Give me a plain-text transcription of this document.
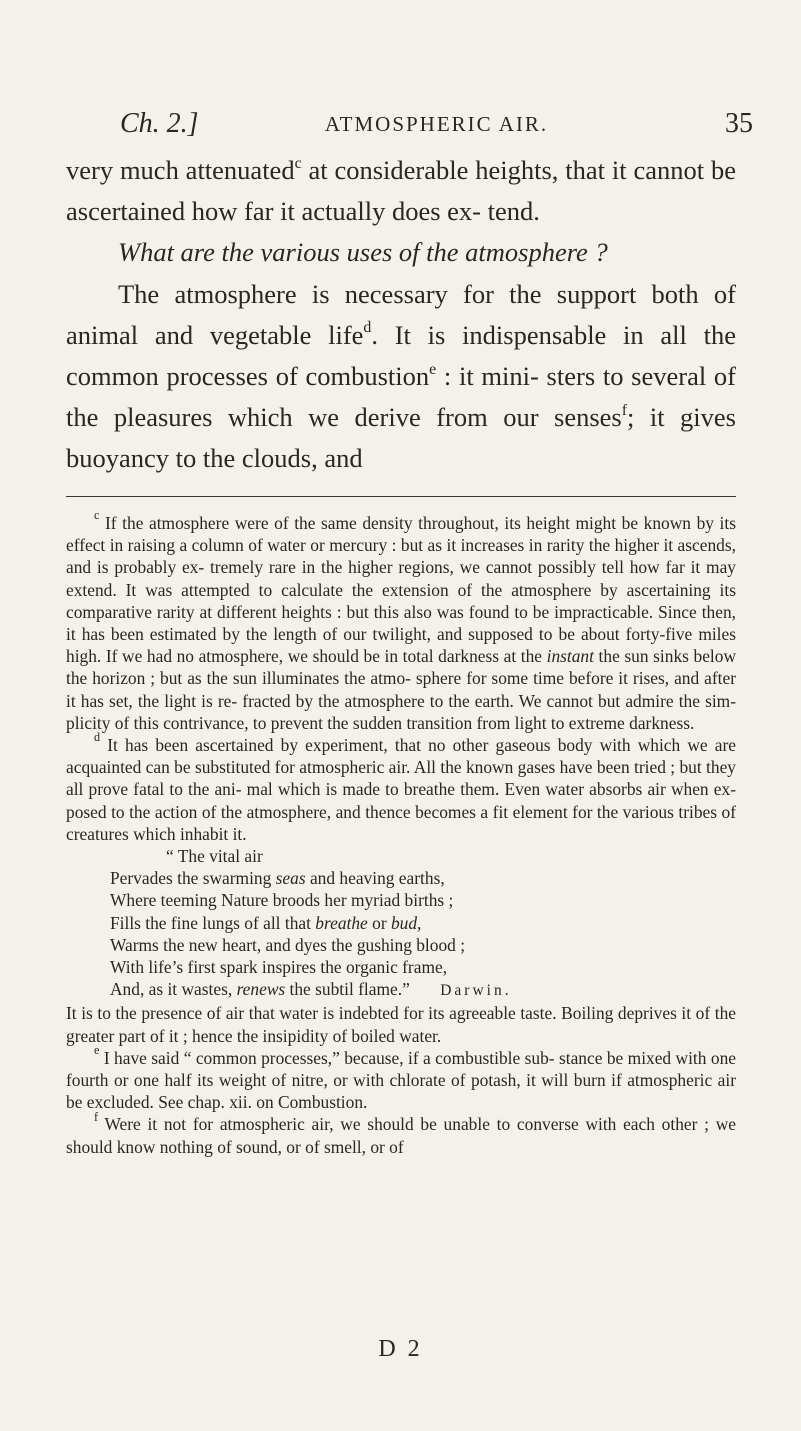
Ch. 2.]	ATMOSPHERIC AIR.	35

very much attenuated$^c$ at considerable heights, that it cannot be ascertained how far it actually does ex- tend.

What are the various uses of the atmosphere ?

The atmosphere is necessary for the support both of animal and vegetable life$^d$. It is indispensable in all the common processes of combustion$^e$ : it mini- sters to several of the pleasures which we derive from our senses$^f$; it gives buoyancy to the clouds, and

$^c$ If the atmosphere were of the same density throughout, its height might be known by its effect in raising a column of water or mercury : but as it increases in rarity the higher it ascends, and is probably ex- tremely rare in the higher regions, we cannot possibly tell how far it may extend. It was attempted to calculate the extension of the atmosphere by ascertaining its comparative rarity at different heights : but this also was found to be impracticable. Since then, it has been estimated by the length of our twilight, and supposed to be about forty-five miles high. If we had no atmosphere, we should be in total darkness at the instant the sun sinks below the horizon ; but as the sun illuminates the atmo- sphere for some time before it rises, and after it has set, the light is re- fracted by the atmosphere to the earth. We cannot but admire the sim- plicity of this contrivance, to prevent the sudden transition from light to extreme darkness.

$^d$ It has been ascertained by experiment, that no other gaseous body with which we are acquainted can be substituted for atmospheric air. All the known gases have been tried ; but they all prove fatal to the ani- mal which is made to breathe them. Even water absorbs air when ex- posed to the action of the atmosphere, and thence becomes a fit element for the various tribes of creatures which inhabit it.

“ The vital air
Pervades the swarming seas and heaving earths,
Where teeming Nature broods her myriad births ;
Fills the fine lungs of all that breathe or bud,
Warms the new heart, and dyes the gushing blood ;
With life’s first spark inspires the organic frame,
And, as it wastes, renews the subtil flame.” Darwin.

It is to the presence of air that water is indebted for its agreeable taste. Boiling deprives it of the greater part of it ; hence the insipidity of boiled water.

$^e$ I have said “ common processes,” because, if a combustible sub- stance be mixed with one fourth or one half its weight of nitre, or with chlorate of potash, it will burn if atmospheric air be excluded. See chap. xii. on Combustion.

$^f$ Were it not for atmospheric air, we should be unable to converse with each other ; we should know nothing of sound, or of smell, or of

D 2
